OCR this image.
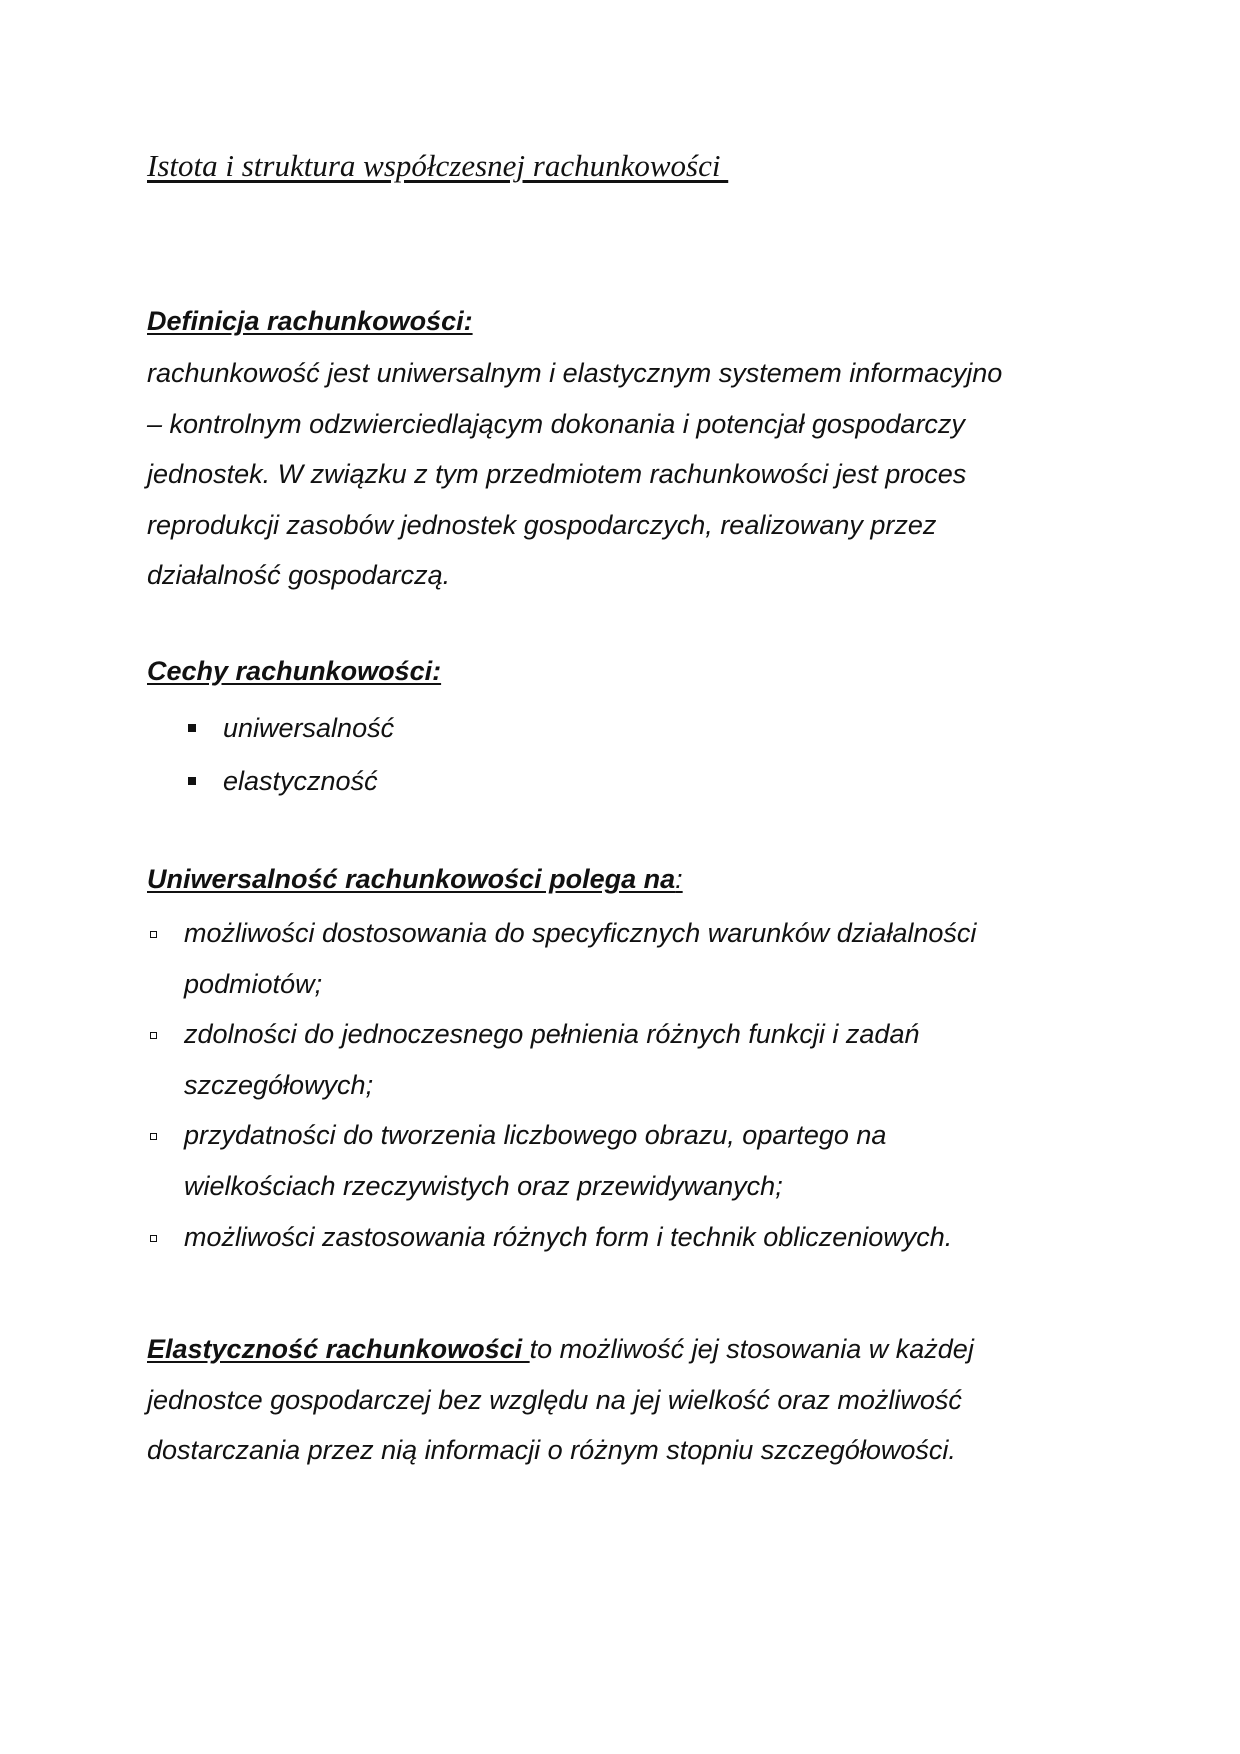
Istota i struktura współczesnej rachunkowości

Definicja rachunkowości:

rachunkowość jest uniwersalnym i elastycznym systemem informacyjno
– kontrolnym odzwierciedlającym dokonania i potencjał gospodarczy
jednostek. W związku z tym przedmiotem rachunkowości jest proces
reprodukcji zasobów jednostek gospodarczych, realizowany przez
działalność gospodarczą.

Cechy rachunkowości:

uniwersalność
elastyczność

Uniwersalność rachunkowości polega na:

możliwości dostosowania do specyficznych warunków działalności
podmiotów;
zdolności do jednoczesnego pełnienia różnych funkcji i zadań
szczegółowych;
przydatności do tworzenia liczbowego obrazu, opartego na
wielkościach rzeczywistych oraz przewidywanych;
możliwości zastosowania różnych form i technik obliczeniowych.
Elastyczność rachunkowości to możliwość jej stosowania w każdej
jednostce gospodarczej bez względu na jej wielkość oraz możliwość
dostarczania przez nią informacji o różnym stopniu szczegółowości.
